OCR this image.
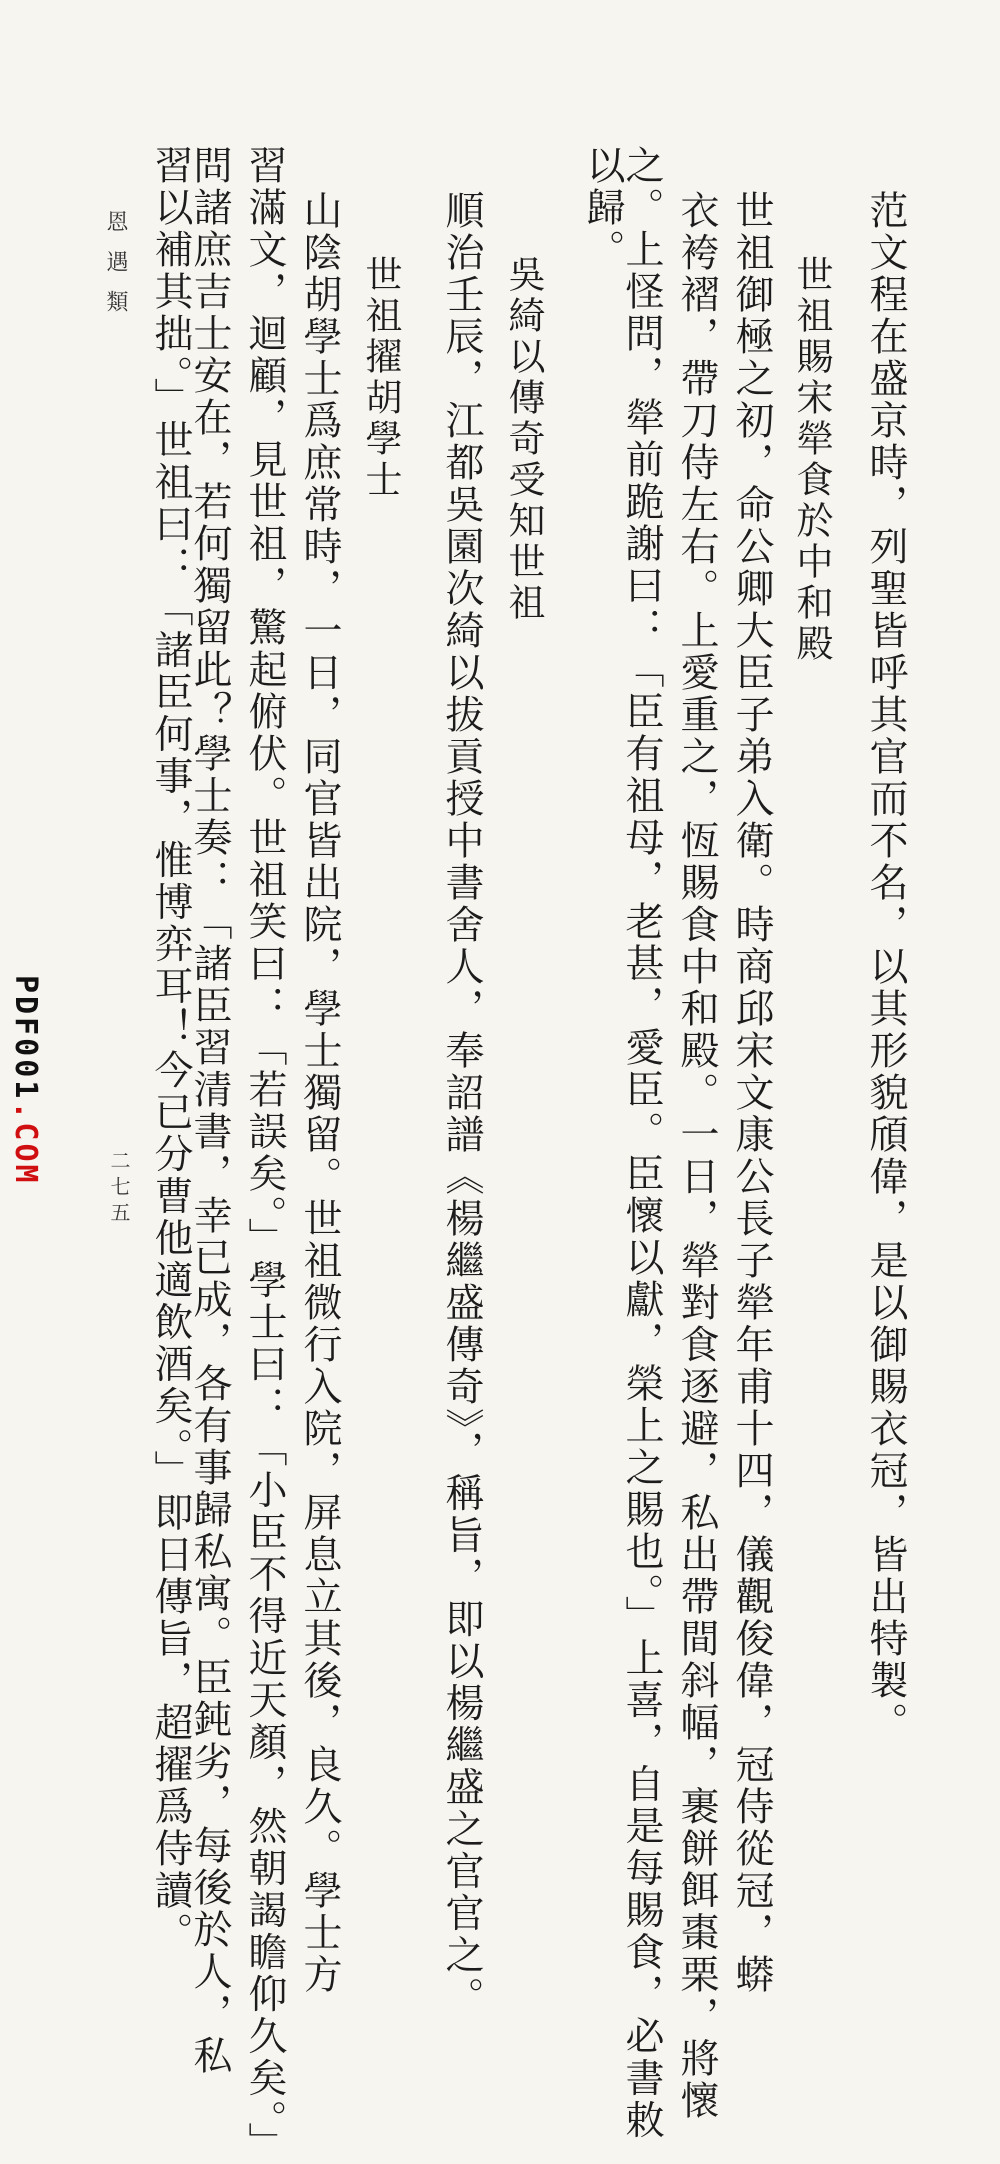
范文程在盛京時，列聖皆呼其官而不名，以其形貌頎偉，是以御賜衣冠，皆出特製。
世祖賜宋犖食於中和殿
世祖御極之初，命公卿大臣子弟入衛。時商邱宋文康公長子犖年甫十四，儀觀俊偉，冠侍從冠，蟒
衣袴褶，帶刀侍左右。上愛重之，恆賜食中和殿。一日，犖對食逐避，私出帶間斜幅，裹餅餌棗栗，將懷
之。上怪問，犖前跪謝曰：「臣有祖母，老甚，愛臣。臣懷以獻，榮上之賜也。」上喜，自是每賜食，必書敕
以歸。
吳綺以傳奇受知世祖
順治壬辰，江都吳園次綺以拔貢授中書舍人，奉詔譜《楊繼盛傳奇》，稱旨，即以楊繼盛之官官之。
世祖擢胡學士
山陰胡學士爲庶常時，一日，同官皆出院，學士獨留。世祖微行入院，屏息立其後，良久。學士方
習滿文，迴顧，見世祖，驚起俯伏。世祖笑曰：「若誤矣。」學士曰：「小臣不得近天顏，然朝謁瞻仰久矣。」
問諸庶吉士安在，若何獨留此？學士奏：「諸臣習清書，幸已成，各有事歸私寓。臣鈍劣，每後於人，私
習以補其拙。」世祖曰：「諸臣何事，惟博弈耳！今已分曹他適飲酒矣。」即日傳旨，超擢爲侍讀。
恩遇類
二七五
PDF001.COM
